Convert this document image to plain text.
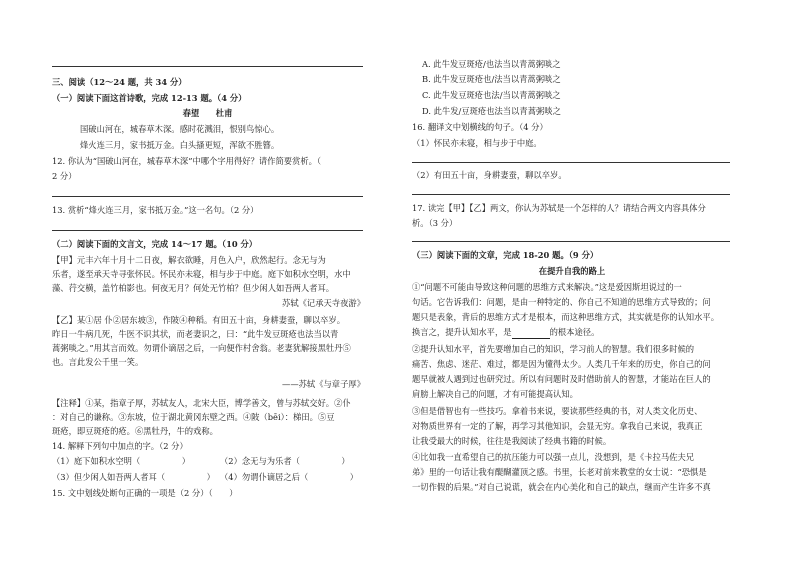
三、阅读（12～24 题，共 34 分）
（一）阅读下面这首诗歌，完成 12-13 题。（4 分）
春望　　杜甫
国破山河在，城春草木深。感时花溅泪，恨别鸟惊心。
烽火连三月，家书抵万金。白头搔更短，浑欲不胜簪。
12. 你认为“国破山河在，城春草木深”中哪个字用得好？请作简要赏析。（
2 分）
13. 赏析“烽火连三月，家书抵万金。”这一名句。（2 分）
（二）阅读下面的文言文，完成 14～17 题。（10 分）
【甲】元丰六年十月十二日夜，解衣欲睡，月色入户，欣然起行。念无与为
乐者，遂至承天寺寻张怀民。怀民亦未寝，相与步于中庭。庭下如积水空明，水中
藻、荇交横，盖竹柏影也。何夜无月？何处无竹柏？但少闲人如吾两人者耳。
苏轼《记承天寺夜游》
【乙】某①居 仆②居东坡③，作陂④种稻。有田五十亩，身耕妻蚕，聊以卒岁。
昨日一牛病几死，牛医不识其状，而老妻识之，曰：“此牛发豆斑疮也法当以青
蒿粥啖之。”用其言而效。勿谓仆谪居之后，一向便作村舍翁。老妻犹解接黑牡丹⑤
也。言此发公千里一笑。
——苏轼《与章子厚》
【注释】①某，指章子厚，苏轼友人，北宋大臣，博学善文，曾与苏轼交好。②仆
：对自己的谦称。③东坡，位于湖北黄冈东壁之西。④陂（bēi）：梯田。⑤豆
斑疮，即豆斑疮的疮。⑥黑牡丹，牛的戏称。
14. 解释下列句中加点的字。（2 分）
（1）庭下如积水空明（　　　　　）	（2）念无与为乐者（　　　　　）
（3）但少闲人如吾两人者耳（　　　　　） （4）勿谓仆谪居之后（　　　　　）
15. 文中划线处断句正确的一项是（2 分）（　　）
A. 此牛发豆斑疮/也法当以青蒿粥啖之
B. 此牛发豆斑疮也/法当以青蒿粥啖之
C. 此牛发豆斑疮也法/当以青蒿粥啖之
D. 此牛发/豆斑疮也法当以青蒿粥啖之
16. 翻译文中划横线的句子。（4 分）
（1）怀民亦未寝，相与步于中庭。
（2）有田五十亩，身耕妻蚕，聊以卒岁。
17. 读完【甲】【乙】两文，你认为苏轼是一个怎样的人？请结合两文内容具体分
析。（3 分）
（三）阅读下面的文章，完成 18-20 题。（9 分）
在提升自我的路上
①“问题不可能由导致这种问题的思维方式来解决。”这是爱因斯坦说过的一
句话。它告诉我们：问题，是由一种特定的、你自己不知道的思维方式导致的；问
题只是表象，背后的思维方式才是根本，而这种思维方式，其实就是你的认知水平。
换言之，提升认知水平，是	的根本途径。
②提升认知水平，首先要增加自己的知识，学习前人的智慧。我们很多时候的
痛苦、焦虑、迷茫、难过，都是因为懂得太少。人类几千年来的历史，你自己的问
题早就被人遇到过也研究过。所以有问题时及时借助前人的智慧，才能站在巨人的
肩膀上解决自己的问题，才有可能提高认知。
③但是借智也有一些技巧。拿着书来说，要读那些经典的书，对人类文化历史、
对物质世界有一定的了解，再学习其他知识，会显无穷。拿我自己来说，我真正
让我受最大的时候，往往是我阅读了经典书籍的时候。
④比如我一直希望自己的抗压能力可以强一点儿，没想到，是《卡拉马佐夫兄
弟》里的一句话让我有醍醐灌顶之感。书里，长老对前来教堂的女士说：“恐惧是
一切作假的后果。”对自己说谎，就会在内心美化和自己的缺点，继而产生许多不真
